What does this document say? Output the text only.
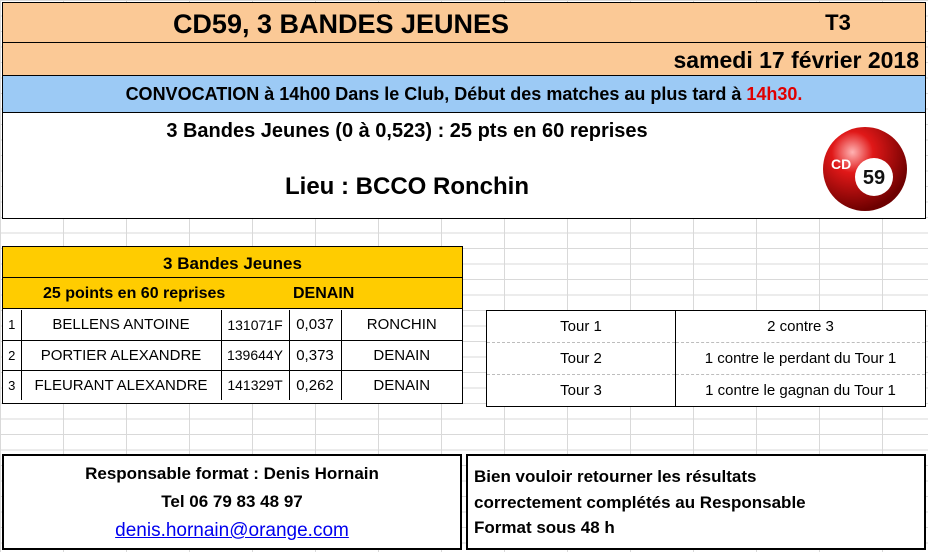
CD59, 3 BANDES JEUNES	T3
samedi 17 février 2018
CONVOCATION à 14h00 Dans le Club, Début des matches au plus tard à 14h30.
3 Bandes Jeunes (0 à 0,523) : 25 pts en 60 reprises
Lieu : BCCO Ronchin
CD
59
3 Bandes Jeunes
25 points en 60 reprises	DENAIN
1	BELLENS ANTOINE	131071F	0,037	RONCHIN
2	PORTIER ALEXANDRE	139644Y	0,373	DENAIN
3	FLEURANT ALEXANDRE	141329T	0,262	DENAIN
Tour 1	2 contre 3
Tour 2	1 contre le perdant du Tour 1
Tour 3	1 contre le gagnan du Tour 1
Responsable format : Denis Hornain
Tel 06 79 83 48 97
denis.hornain@orange.com
Bien vouloir retourner les résultats
correctement complétés au Responsable
Format sous 48 h
